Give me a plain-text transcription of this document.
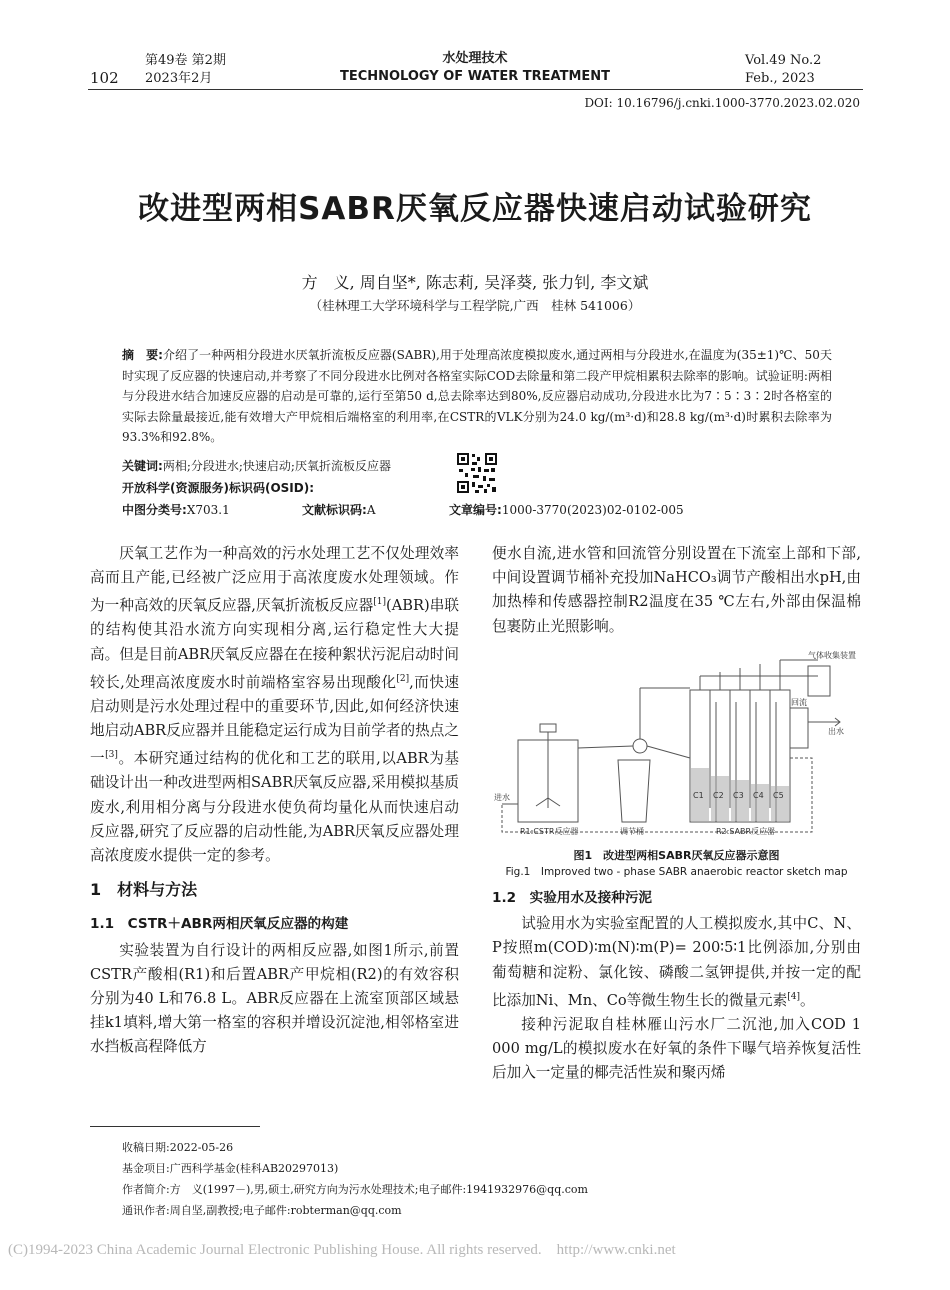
102
第49卷 第2期
2023年2月
水处理技术
TECHNOLOGY OF WATER TREATMENT
Vol.49 No.2
Feb., 2023
DOI: 10.16796/j.cnki.1000-3770.2023.02.020
改进型两相SABR厌氧反应器快速启动试验研究
方　义, 周自坚*, 陈志莉, 吴泽葵, 张力钊, 李文斌
（桂林理工大学环境科学与工程学院,广西　桂林 541006）
摘　要:介绍了一种两相分段进水厌氧折流板反应器(SABR),用于处理高浓度模拟废水,通过两相与分段进水,在温度为(35±1)℃、50天时实现了反应器的快速启动,并考察了不同分段进水比例对各格室实际COD去除量和第二段产甲烷相累积去除率的影响。试验证明:两相与分段进水结合加速反应器的启动是可靠的,运行至第50 d,总去除率达到80%,反应器启动成功,分段进水比为7∶5∶3∶2时各格室的实际去除量最接近,能有效增大产甲烷相后端格室的利用率,在CSTR的VLK分别为24.0 kg/(m³·d)和28.8 kg/(m³·d)时累积去除率为93.3%和92.8%。
关键词:两相;分段进水;快速启动;厌氧折流板反应器
开放科学(资源服务)标识码(OSID):
中图分类号:X703.1	文献标识码:A	文章编号:1000-3770(2023)02-0102-005

厌氧工艺作为一种高效的污水处理工艺不仅处理效率高而且产能,已经被广泛应用于高浓度废水处理领域。作为一种高效的厌氧反应器,厌氧折流板反应器[1](ABR)串联的结构使其沿水流方向实现相分离,运行稳定性大大提高。但是目前ABR厌氧反应器在在接种絮状污泥启动时间较长,处理高浓度废水时前端格室容易出现酸化[2],而快速启动则是污水处理过程中的重要环节,因此,如何经济快速地启动ABR反应器并且能稳定运行成为目前学者的热点之一[3]。本研究通过结构的优化和工艺的联用,以ABR为基础设计出一种改进型两相SABR厌氧反应器,采用模拟基质废水,利用相分离与分段进水使负荷均量化从而快速启动反应器,研究了反应器的启动性能,为ABR厌氧反应器处理高浓度废水提供一定的参考。

1　材料与方法
1.1　CSTR＋ABR两相厌氧反应器的构建

实验装置为自行设计的两相反应器,如图1所示,前置CSTR产酸相(R1)和后置ABR产甲烷相(R2)的有效容积分别为40 L和76.8 L。ABR反应器在上流室顶部区域悬挂k1填料,增大第一格室的容积并增设沉淀池,相邻格室进水挡板高程降低方

便水自流,进水管和回流管分别设置在下流室上部和下部,中间设置调节桶补充投加NaHCO₃调节产酸相出水pH,由加热棒和传感器控制R2温度在35 ℃左右,外部由保温棉包裹防止光照影响。

气体收集装置
回流
出水
进水
R1:CSTR反应器	调节桶	R2:SABR反应器
C1 C2 C3 C4 C5
图1　改进型两相SABR厌氧反应器示意图
Fig.1　Improved two - phase SABR anaerobic reactor sketch map
1.2　实验用水及接种污泥

试验用水为实验室配置的人工模拟废水,其中C、N、P按照m(COD)∶m(N)∶m(P)= 200∶5∶1比例添加,分别由葡萄糖和淀粉、氯化铵、磷酸二氢钾提供,并按一定的配比添加Ni、Mn、Co等微生物生长的微量元素[4]。

接种污泥取自桂林雁山污水厂二沉池,加入COD 1 000 mg/L的模拟废水在好氧的条件下曝气培养恢复活性后加入一定量的椰壳活性炭和聚丙烯

收稿日期:2022-05-26
基金项目:广西科学基金(桂科AB20297013)
作者简介:方　义(1997－),男,硕士,研究方向为污水处理技术;电子邮件:1941932976@qq.com
通讯作者:周自坚,副教授;电子邮件:robterman@qq.com
(C)1994-2023 China Academic Journal Electronic Publishing House. All rights reserved.    http://www.cnki.net
